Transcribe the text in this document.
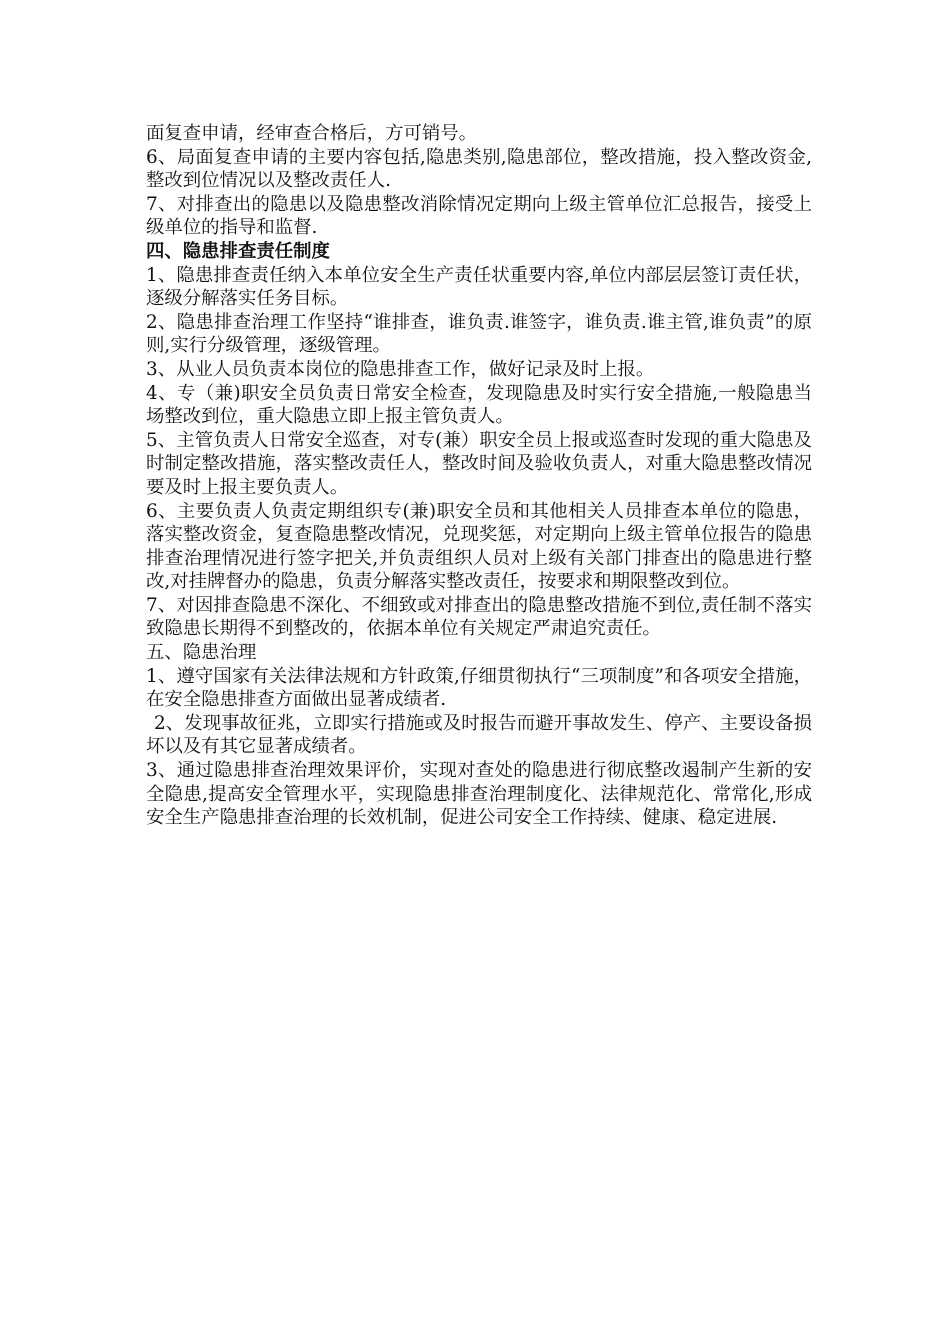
面复查申请，经审查合格后，方可销号。

6、局面复查申请的主要内容包括,隐患类别,隐患部位，整改措施，投入整改资金,整改到位情况以及整改责任人.

7、对排查出的隐患以及隐患整改消除情况定期向上级主管单位汇总报告，接受上级单位的指导和监督.

四、隐患排查责任制度

1、隐患排查责任纳入本单位安全生产责任状重要内容,单位内部层层签订责任状，逐级分解落实任务目标。

2、隐患排查治理工作坚持“谁排查，谁负责.谁签字，谁负责.谁主管,谁负责”的原则,实行分级管理，逐级管理。

3、从业人员负责本岗位的隐患排查工作，做好记录及时上报。

4、专（兼)职安全员负责日常安全检查，发现隐患及时实行安全措施,一般隐患当场整改到位，重大隐患立即上报主管负责人。

5、主管负责人日常安全巡查，对专(兼）职安全员上报或巡查时发现的重大隐患及时制定整改措施，落实整改责任人，整改时间及验收负责人，对重大隐患整改情况要及时上报主要负责人。

6、主要负责人负责定期组织专(兼)职安全员和其他相关人员排查本单位的隐患，落实整改资金，复查隐患整改情况，兑现奖惩，对定期向上级主管单位报告的隐患排查治理情况进行签字把关,并负责组织人员对上级有关部门排查出的隐患进行整改,对挂牌督办的隐患，负责分解落实整改责任，按要求和期限整改到位。

7、对因排查隐患不深化、不细致或对排查出的隐患整改措施不到位,责任制不落实致隐患长期得不到整改的，依据本单位有关规定严肃追究责任。

五、隐患治理

1、遵守国家有关法律法规和方针政策,仔细贯彻执行“三项制度”和各项安全措施，在安全隐患排查方面做出显著成绩者.

2、发现事故征兆，立即实行措施或及时报告而避开事故发生、停产、主要设备损坏以及有其它显著成绩者。

3、通过隐患排查治理效果评价，实现对查处的隐患进行彻底整改遏制产生新的安全隐患,提高安全管理水平，实现隐患排查治理制度化、法律规范化、常常化,形成安全生产隐患排查治理的长效机制，促进公司安全工作持续、健康、稳定进展.
